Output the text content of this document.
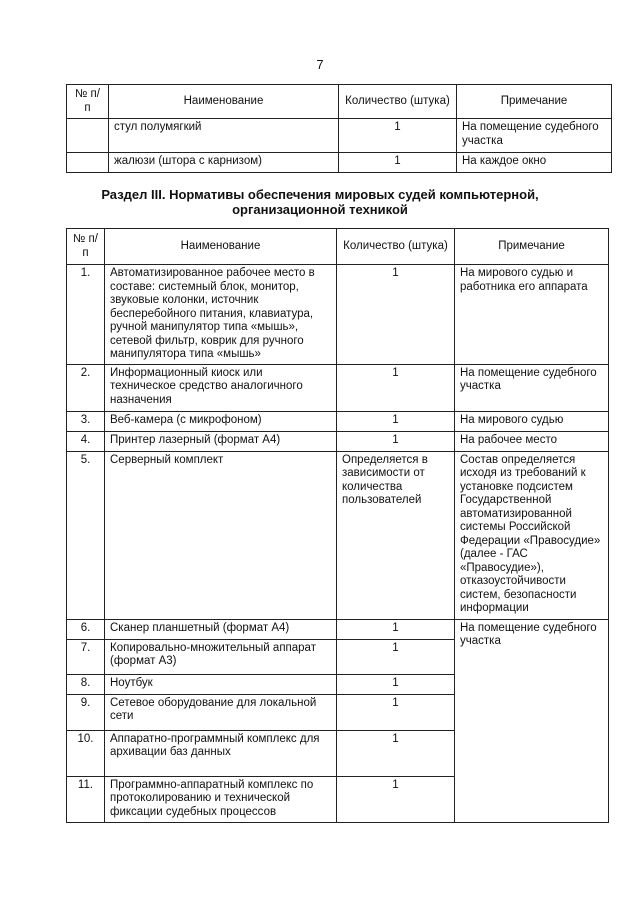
7
№ п/п	Наименование	Количество (штука)	Примечание
	стул полумягкий	1	На помещение судебного участка
	жалюзи (штора с карнизом)	1	На каждое окно
Раздел III. Нормативы обеспечения мировых судей компьютерной,
организационной техникой
№ п/п	Наименование	Количество (штука)	Примечание
1.	Автоматизированное рабочее место в составе: системный блок, монитор, звуковые колонки, источник бесперебойного питания, клавиатура, ручной манипулятор типа «мышь», сетевой фильтр, коврик для ручного манипулятора типа «мышь»	1	На мирового судью и работника его аппарата
2.	Информационный киоск или техническое средство аналогичного назначения	1	На помещение судебного участка
3.	Веб-камера (с микрофоном)	1	На мирового судью
4.	Принтер лазерный (формат А4)	1	На рабочее место
5.	Серверный комплект	Определяется в зависимости от количества пользователей	Состав определяется исходя из требований к установке подсистем Государственной автоматизированной системы Российской Федерации «Правосудие» (далее - ГАС «Правосудие»), отказоустойчивости систем, безопасности информации
6.	Сканер планшетный (формат А4)	1	На помещение судебного участка
7.	Копировально-множительный аппарат (формат А3)	1	
8.	Ноутбук	1	
9.	Сетевое оборудование для локальной сети	1	
10.	Аппаратно-программный комплекс для архивации баз данных	1	
11.	Программно-аппаратный комплекс по протоколированию и технической фиксации судебных процессов	1	
